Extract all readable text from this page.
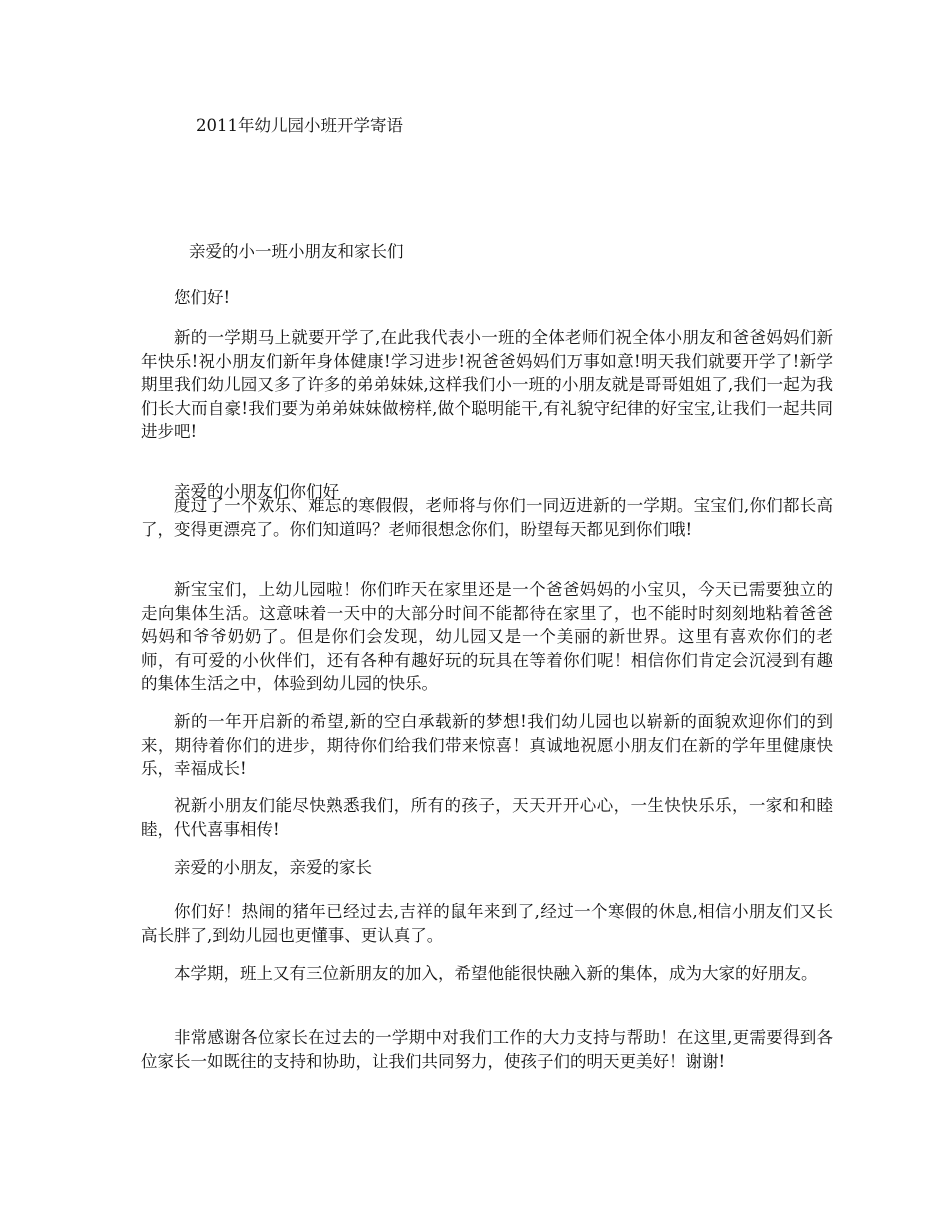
2011年幼儿园小班开学寄语
亲爱的小一班小朋友和家长们
您们好!
新的一学期马上就要开学了,在此我代表小一班的全体老师们祝全体小朋友和爸爸妈妈们新年快乐!祝小朋友们新年身体健康!学习进步!祝爸爸妈妈们万事如意!明天我们就要开学了!新学期里我们幼儿园又多了许多的弟弟妹妹,这样我们小一班的小朋友就是哥哥姐姐了,我们一起为我们长大而自豪!我们要为弟弟妹妹做榜样,做个聪明能干,有礼貌守纪律的好宝宝,让我们一起共同进步吧!
亲爱的小朋友们你们好
度过了一个欢乐、难忘的寒假假，老师将与你们一同迈进新的一学期。宝宝们,你们都长高了，变得更漂亮了。你们知道吗？老师很想念你们，盼望每天都见到你们哦!
新宝宝们，上幼儿园啦！你们昨天在家里还是一个爸爸妈妈的小宝贝，今天已需要独立的走向集体生活。这意味着一天中的大部分时间不能都待在家里了，也不能时时刻刻地粘着爸爸妈妈和爷爷奶奶了。但是你们会发现，幼儿园又是一个美丽的新世界。这里有喜欢你们的老师，有可爱的小伙伴们，还有各种有趣好玩的玩具在等着你们呢！相信你们肯定会沉浸到有趣的集体生活之中，体验到幼儿园的快乐。
新的一年开启新的希望,新的空白承载新的梦想!我们幼儿园也以崭新的面貌欢迎你们的到来，期待着你们的进步，期待你们给我们带来惊喜！真诚地祝愿小朋友们在新的学年里健康快乐，幸福成长!
祝新小朋友们能尽快熟悉我们，所有的孩子，天天开开心心，一生快快乐乐，一家和和睦睦，代代喜事相传!
亲爱的小朋友，亲爱的家长
你们好！热闹的猪年已经过去,吉祥的鼠年来到了,经过一个寒假的休息,相信小朋友们又长高长胖了,到幼儿园也更懂事、更认真了。
本学期，班上又有三位新朋友的加入，希望他能很快融入新的集体，成为大家的好朋友。
非常感谢各位家长在过去的一学期中对我们工作的大力支持与帮助！在这里,更需要得到各位家长一如既往的支持和协助，让我们共同努力，使孩子们的明天更美好！谢谢!
